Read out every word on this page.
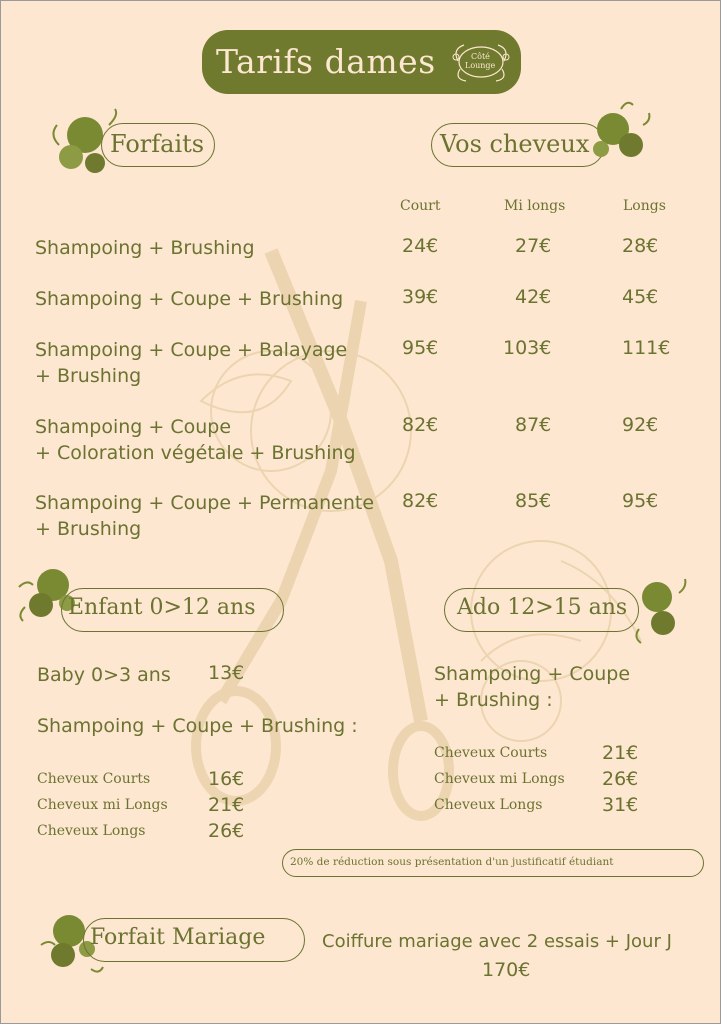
Tarifs dames	Côté
Lounge
Forfaits	Vos cheveux
Court	Mi longs	Longs
Shampoing + Brushing	24€	27€	28€
Shampoing + Coupe + Brushing	39€	42€	45€
Shampoing + Coupe + Balayage
+ Brushing
95€	103€	111€
Shampoing + Coupe
+ Coloration végétale + Brushing
82€	87€	92€
Shampoing + Coupe + Permanente
+ Brushing
82€	85€	95€
Enfant 0>12 ans	Ado 12>15 ans
Baby 0>3 ans 13€
Shampoing + Coupe + Brushing :
Cheveux Courts	16€
Cheveux mi Longs 21€
Cheveux Longs	26€
Shampoing + Coupe
+ Brushing :
Cheveux Courts	21€
Cheveux mi Longs 26€
Cheveux Longs	31€
20% de réduction sous présentation d'un justificatif étudiant
Forfait Mariage	Coiffure mariage avec 2 essais + Jour J
170€
